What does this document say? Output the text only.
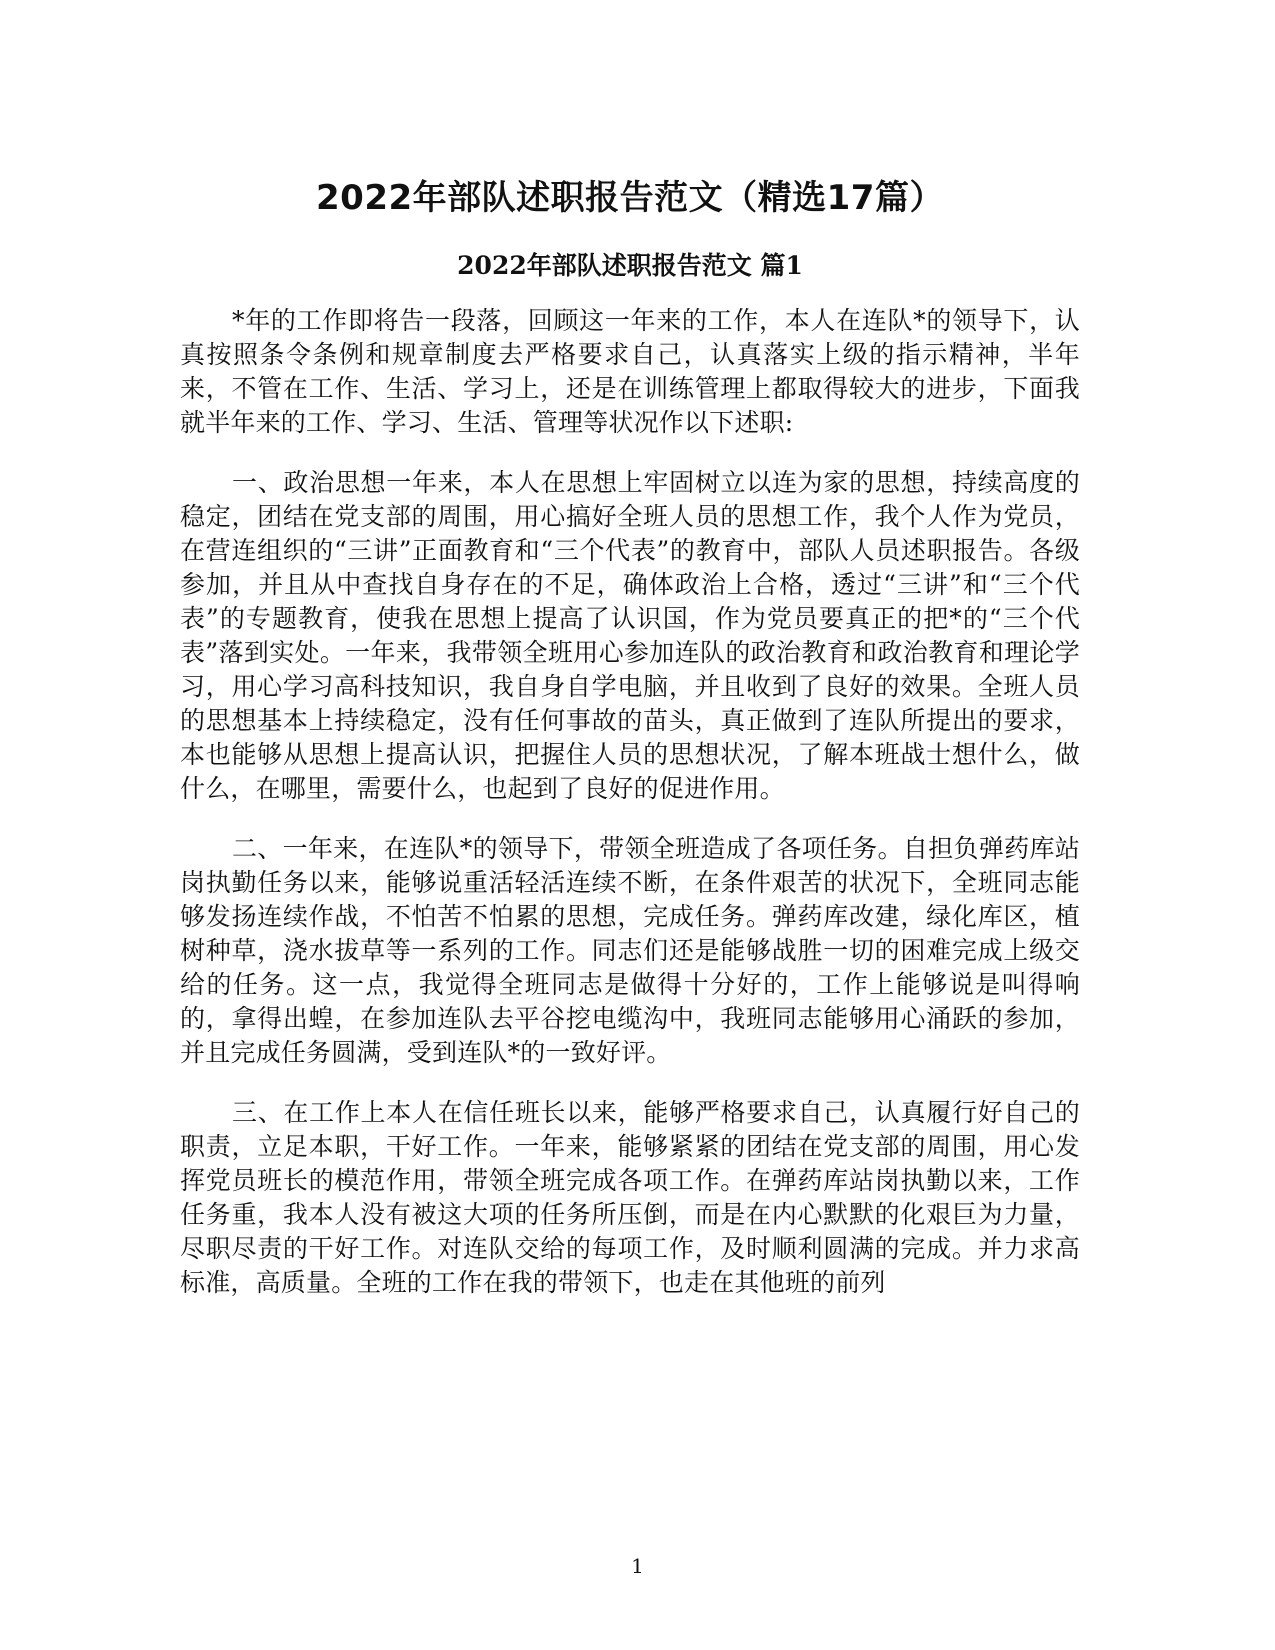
2022年部队述职报告范文（精选17篇）
2022年部队述职报告范文 篇1

*年的工作即将告一段落，回顾这一年来的工作，本人在连队*的领导下，认真按照条令条例和规章制度去严格要求自己，认真落实上级的指示精神，半年来，不管在工作、生活、学习上，还是在训练管理上都取得较大的进步，下面我就半年来的工作、学习、生活、管理等状况作以下述职:

一、政治思想一年来，本人在思想上牢固树立以连为家的思想，持续高度的稳定，团结在党支部的周围，用心搞好全班人员的思想工作，我个人作为党员，在营连组织的“三讲”正面教育和“三个代表”的教育中，部队人员述职报告。各级参加，并且从中查找自身存在的不足，确体政治上合格，透过“三讲”和“三个代表”的专题教育，使我在思想上提高了认识国，作为党员要真正的把*的“三个代表”落到实处。一年来，我带领全班用心参加连队的政治教育和政治教育和理论学习，用心学习高科技知识，我自身自学电脑，并且收到了良好的效果。全班人员的思想基本上持续稳定，没有任何事故的苗头，真正做到了连队所提出的要求，本也能够从思想上提高认识，把握住人员的思想状况，了解本班战士想什么，做什么，在哪里，需要什么，也起到了良好的促进作用。

二、一年来，在连队*的领导下，带领全班造成了各项任务。自担负弹药库站岗执勤任务以来，能够说重活轻活连续不断，在条件艰苦的状况下，全班同志能够发扬连续作战，不怕苦不怕累的思想，完成任务。弹药库改建，绿化库区，植树种草，浇水拔草等一系列的工作。同志们还是能够战胜一切的困难完成上级交给的任务。这一点，我觉得全班同志是做得十分好的，工作上能够说是叫得响的，拿得出蝗，在参加连队去平谷挖电缆沟中，我班同志能够用心涌跃的参加，并且完成任务圆满，受到连队*的一致好评。

三、在工作上本人在信任班长以来，能够严格要求自己，认真履行好自己的职责，立足本职，干好工作。一年来，能够紧紧的团结在党支部的周围，用心发挥党员班长的模范作用，带领全班完成各项工作。在弹药库站岗执勤以来，工作任务重，我本人没有被这大项的任务所压倒，而是在内心默默的化艰巨为力量，尽职尽责的干好工作。对连队交给的每项工作，及时顺利圆满的完成。并力求高标准，高质量。全班的工作在我的带领下，也走在其他班的前列

1
